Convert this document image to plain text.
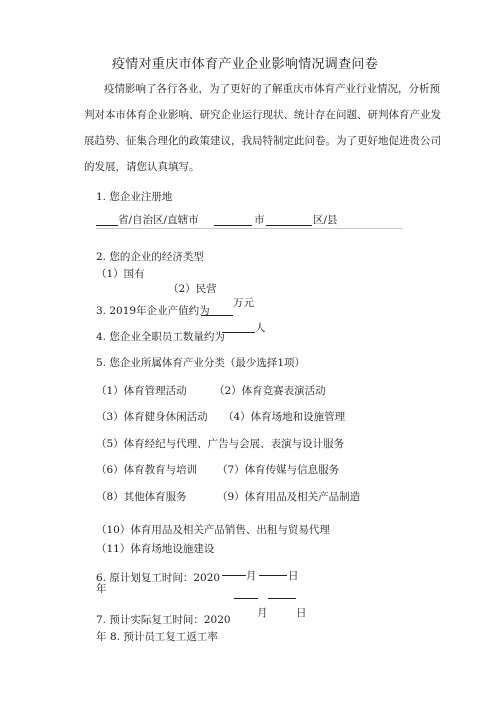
疫情对重庆市体育产业企业影响情况调查问卷
疫情影响了各行各业，为了更好的了解重庆市体育产业行业情况，分析预
判对本市体育企业影响、研究企业运行现状、统计存在问题、研判体育产业发
展趋势、征集合理化的政策建议，我局特制定此问卷。为了更好地促进贵公司
的发展，请您认真填写。
1. 您企业注册地
省/自治区/直辖市	市	区/县
2. 您的企业的经济类型
（1）国有
（2）民营
3. 2019年企业产值约为
万元
4. 您企业全职员工数量约为
人
5. 您企业所属体育产业分类（最少选择1项）
（1）体育管理活动	（2）体育竞赛表演活动
（3）体育健身休闲活动 （4）体育场地和设施管理
（5）体育经纪与代理、广告与会展、表演与设计服务
（6）体育教育与培训 （7）体育传媒与信息服务
（8）其他体育服务	（9）体育用品及相关产品制造
（10）体育用品及相关产品销售、出租与贸易代理
（11）体育场地设施建设
6. 原计划复工时间：2020
年
月	日
月	日
7. 预计实际复工时间：2020
年 8. 预计员工复工返工率
